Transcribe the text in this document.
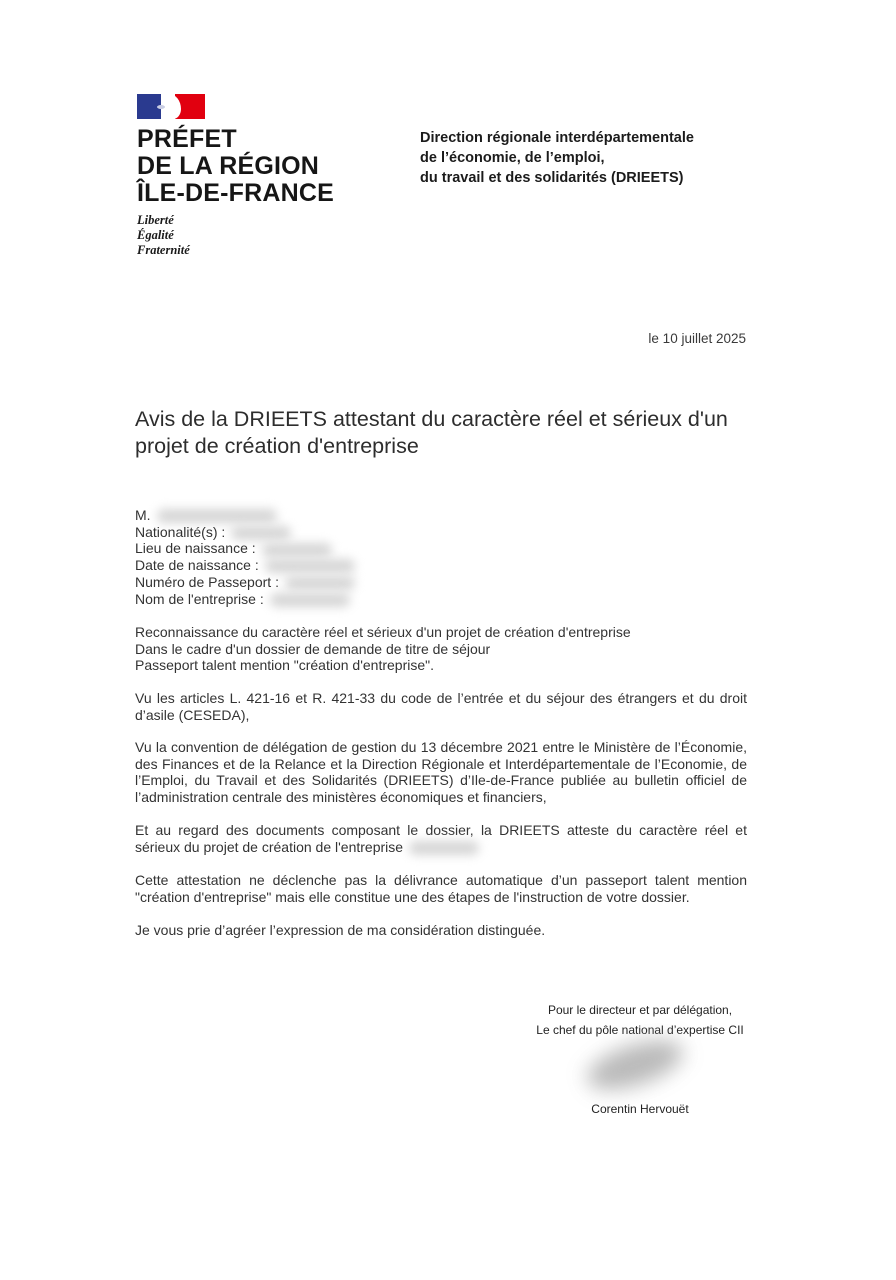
PRÉFET
DE LA RÉGION
ÎLE-DE-FRANCE
Liberté
Égalité
Fraternité
Direction régionale interdépartementale
de l’économie, de l’emploi,
du travail et des solidarités (DRIEETS)
le 10 juillet 2025
Avis de la DRIEETS attestant du caractère réel et sérieux d'un projet de création d'entreprise
M.
Nationalité(s) :
Lieu de naissance :
Date de naissance :
Numéro de Passeport :
Nom de l'entreprise :
Reconnaissance du caractère réel et sérieux d'un projet de création d'entreprise
Dans le cadre d'un dossier de demande de titre de séjour
Passeport talent mention "création d'entreprise".
Vu les articles L. 421-16 et R. 421-33 du code de l’entrée et du séjour des étrangers et du droit d’asile (CESEDA),
Vu la convention de délégation de gestion du 13 décembre 2021 entre le Ministère de l’Économie, des Finances et de la Relance et la Direction Régionale et Interdépartementale de l’Economie, de l’Emploi, du Travail et des Solidarités (DRIEETS) d’Ile-de-France publiée au bulletin officiel de l’administration centrale des ministères économiques et financiers,
Et au regard des documents composant le dossier, la DRIEETS atteste du caractère réel et sérieux du projet de création de l'entreprise
Cette attestation ne déclenche pas la délivrance automatique d’un passeport talent mention "création d'entreprise" mais elle constitue une des étapes de l'instruction de votre dossier.
Je vous prie d’agréer l’expression de ma considération distinguée.
Pour le directeur et par délégation,
Le chef du pôle national d’expertise CII
Corentin Hervouët
